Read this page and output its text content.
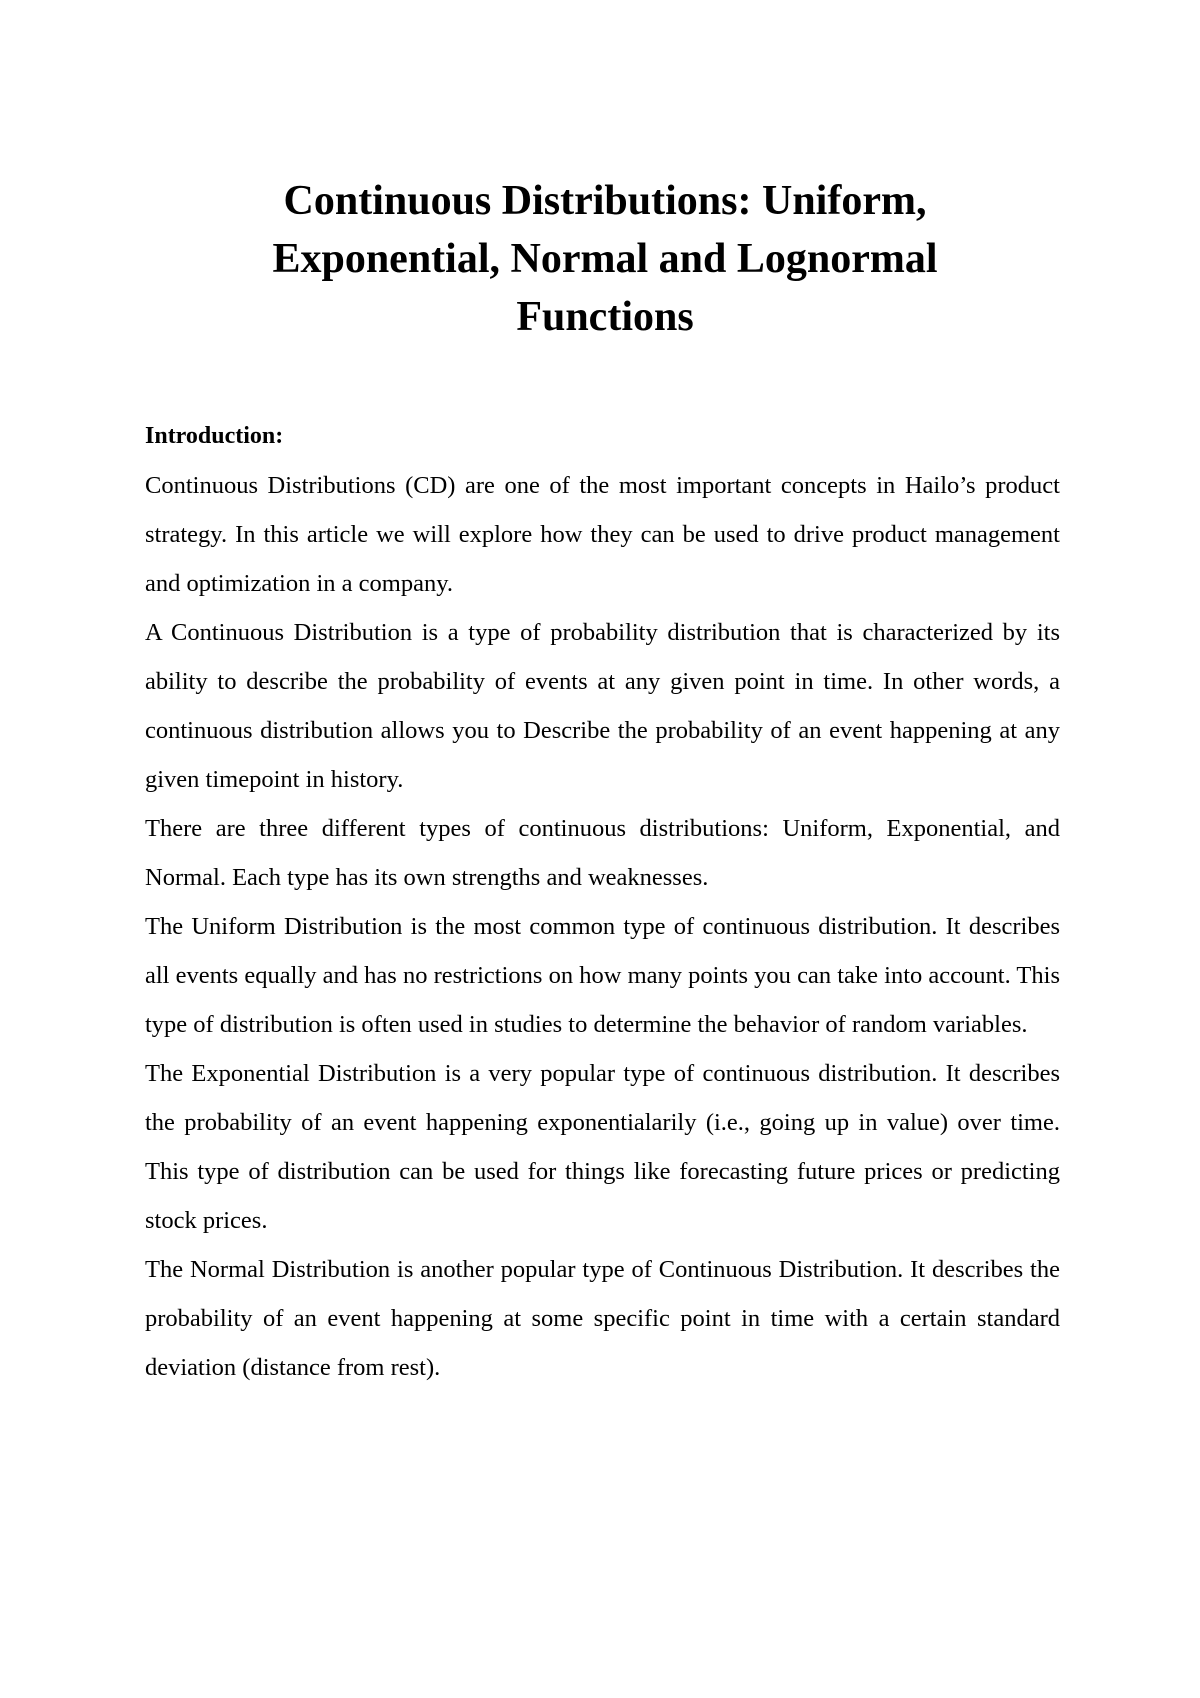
Continuous Distributions: Uniform,
Exponential, Normal and Lognormal
Functions

Introduction:

Continuous Distributions (CD) are one of the most important concepts in Hailo’s product strategy. In this article we will explore how they can be used to drive product management and optimization in a company.

A Continuous Distribution is a type of probability distribution that is characterized by its ability to describe the probability of events at any given point in time. In other words, a continuous distribution allows you to Describe the probability of an event happening at any given timepoint in history.

There are three different types of continuous distributions: Uniform, Exponential, and Normal. Each type has its own strengths and weaknesses.

The Uniform Distribution is the most common type of continuous distribution. It describes all events equally and has no restrictions on how many points you can take into account. This type of distribution is often used in studies to determine the behavior of random variables.

The Exponential Distribution is a very popular type of continuous distribution. It describes the probability of an event happening exponentialarily (i.e., going up in value) over time. This type of distribution can be used for things like forecasting future prices or predicting stock prices.

The Normal Distribution is another popular type of Continuous Distribution. It describes the probability of an event happening at some specific point in time with a certain standard deviation (distance from rest).
